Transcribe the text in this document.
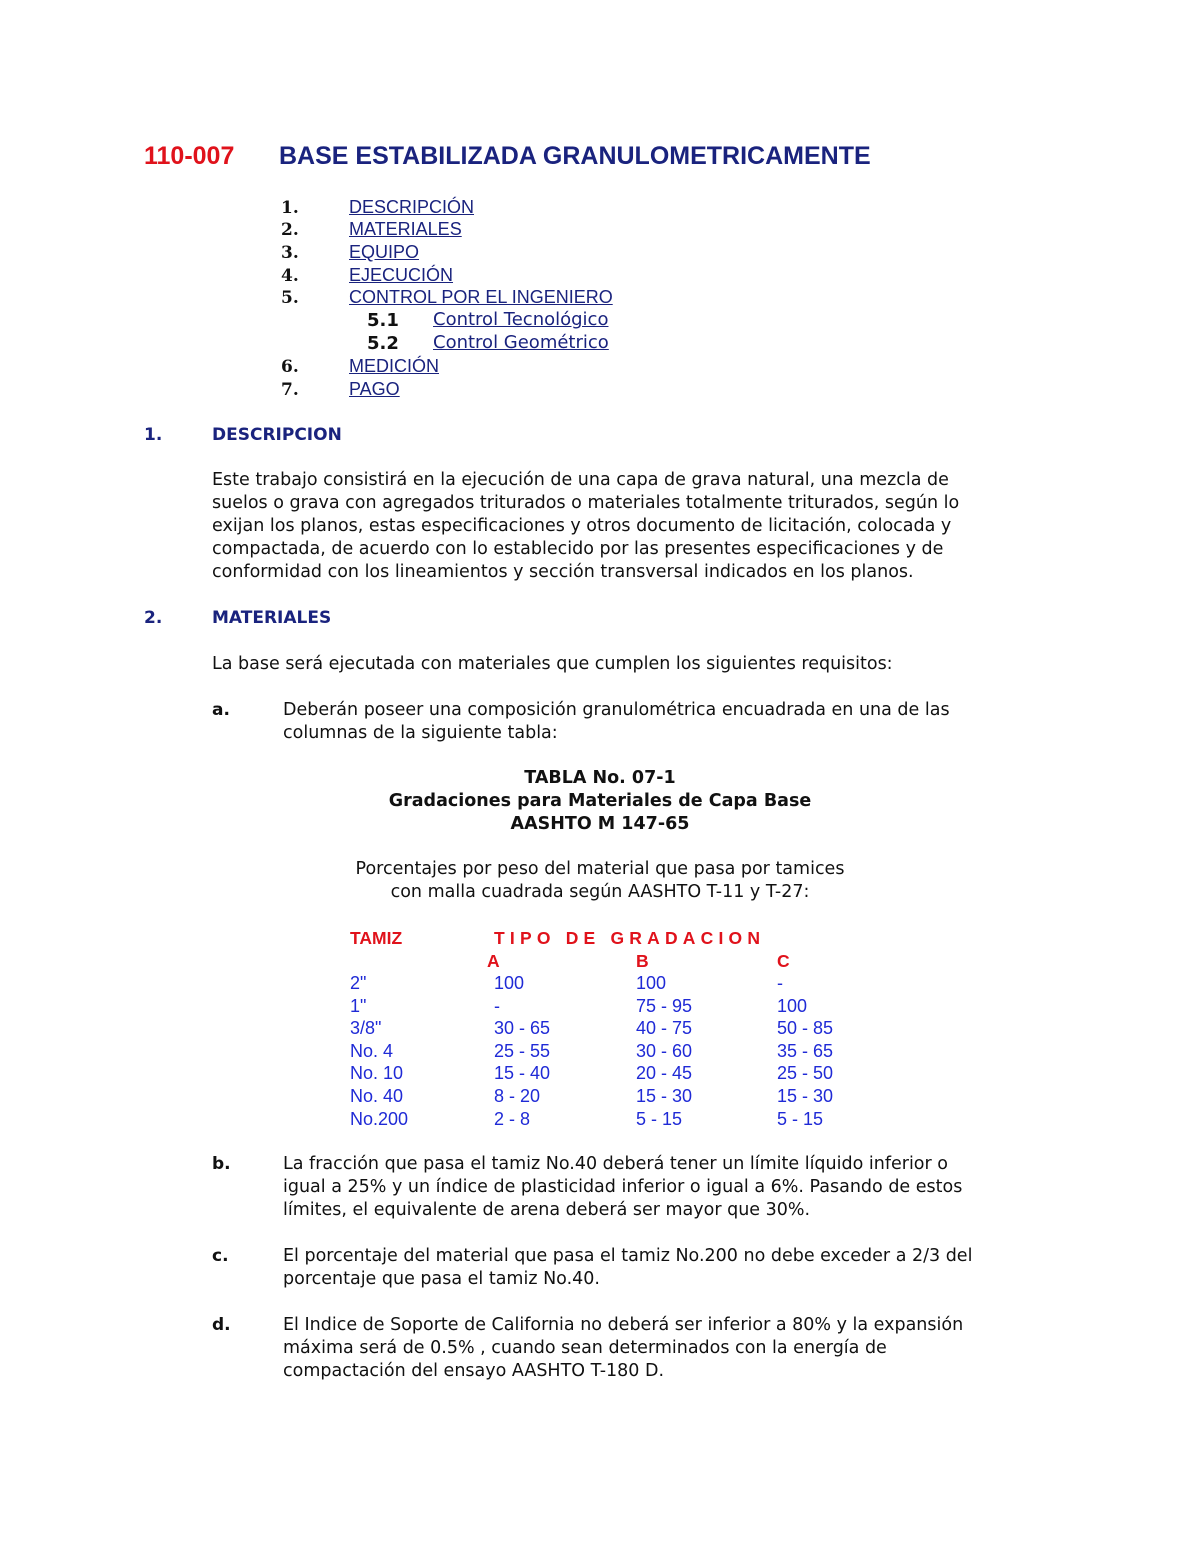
110-007 BASE ESTABILIZADA GRANULOMETRICAMENTE
1.	DESCRIPCIÓN
2.	MATERIALES
3.	EQUIPO
4.	EJECUCIÓN
5.	CONTROL POR EL INGENIERO
5.1 Control Tecnológico
5.2 Control Geométrico
6.	MEDICIÓN
7.	PAGO
1.	DESCRIPCION
Este trabajo consistirá en la ejecución de una capa de grava natural, una mezcla de
suelos o grava con agregados triturados o materiales totalmente triturados, según lo
exijan los planos, estas especificaciones y otros documento de licitación, colocada y
compactada, de acuerdo con lo establecido por las presentes especificaciones y de
conformidad con los lineamientos y sección transversal indicados en los planos.
2.	MATERIALES
La base será ejecutada con materiales que cumplen los siguientes requisitos:
a.	Deberán poseer una composición granulométrica encuadrada en una de las
columnas de la siguiente tabla:
TABLA No. 07-1
Gradaciones para Materiales de Capa Base
AASHTO M 147-65
Porcentajes por peso del material que pasa por tamices
con malla cuadrada según AASHTO T-11 y T-27:
TAMIZ	TIPO DE GRADACION
A	B	C
2"	100	100	-
1"	-	75 - 95	100
3/8"	30 - 65	40 - 75	50 - 85
No. 4	25 - 55	30 - 60	35 - 65
No. 10	15 - 40	20 - 45	25 - 50
No. 40	8 - 20	15 - 30	15 - 30
No.200	2 - 8	5 - 15	5 - 15
b.	La fracción que pasa el tamiz No.40 deberá tener un límite líquido inferior o
igual a 25% y un índice de plasticidad inferior o igual a 6%. Pasando de estos
límites, el equivalente de arena deberá ser mayor que 30%.
c.	El porcentaje del material que pasa el tamiz No.200 no debe exceder a 2/3 del
porcentaje que pasa el tamiz No.40.
d.	El Indice de Soporte de California no deberá ser inferior a 80% y la expansión
máxima será de 0.5% , cuando sean determinados con la energía de
compactación del ensayo AASHTO T-180 D.
